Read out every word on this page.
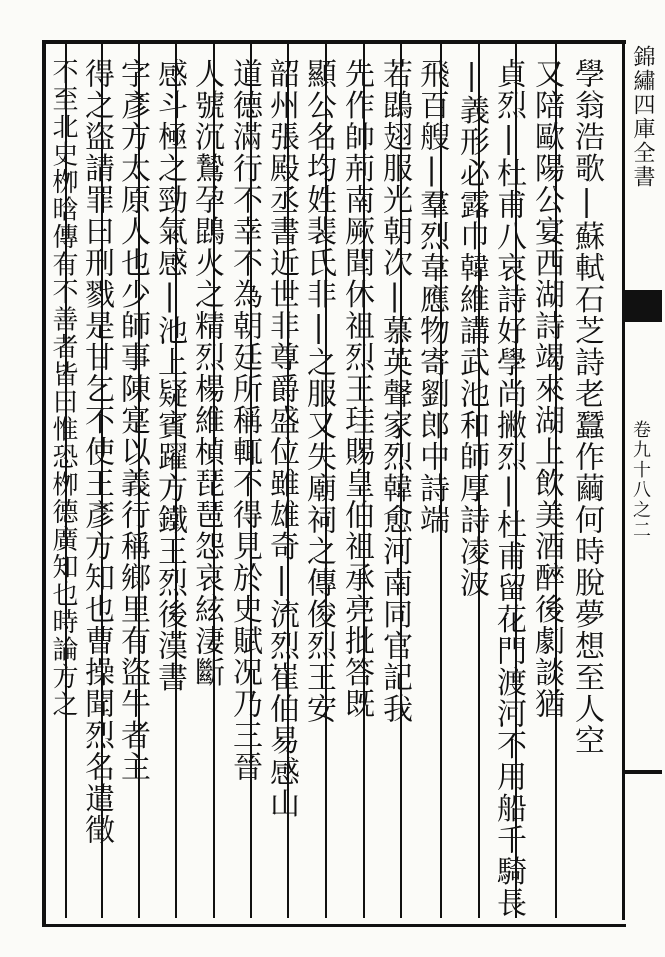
學翁浩歌|蘇軾石芝詩老蠶作繭何時脫夢想至人空
又陪歐陽公宴西湖詩竭來湖上飲美酒醉後劇談猶
貞烈|杜甫八哀詩好學尚撇烈|杜甫留花門渡河不用船千騎長
|義形必露巾韓維講武池和師厚詩凌波
飛百艘|羣烈韋應物寄劉郎中詩端
若鵾翅服光朝次|慕英聲家烈韓愈河南同官記我
先作帥荊南厥聞休祖烈王珪賜皇伯祖承亮批答既
顯公名均姓裴氏非|之服又失廟祠之傳俊烈王安
韶州張殿丞書近世非尊爵盛位雖雄奇|流烈崔伯易感山
道德滿行不幸不為朝廷所稱輒不得見於史賦况乃三晉
人號沉鷙孕鵾火之精烈楊維楨琵琶怨哀絃淒斷
感斗極之勁氣感|池上疑賓躍方鐵王烈後漢書
字彥方太原人也少師事陳寔以義行稱鄉里有盜牛者主
得之盜請罪曰刑戮是甘乞不使王彥方知也曹操聞烈名遣徵
不至北史栁晗傳有不善者皆曰惟恐栁德廣知也時論方之	錦繡四庫全書
卷九十八之二
